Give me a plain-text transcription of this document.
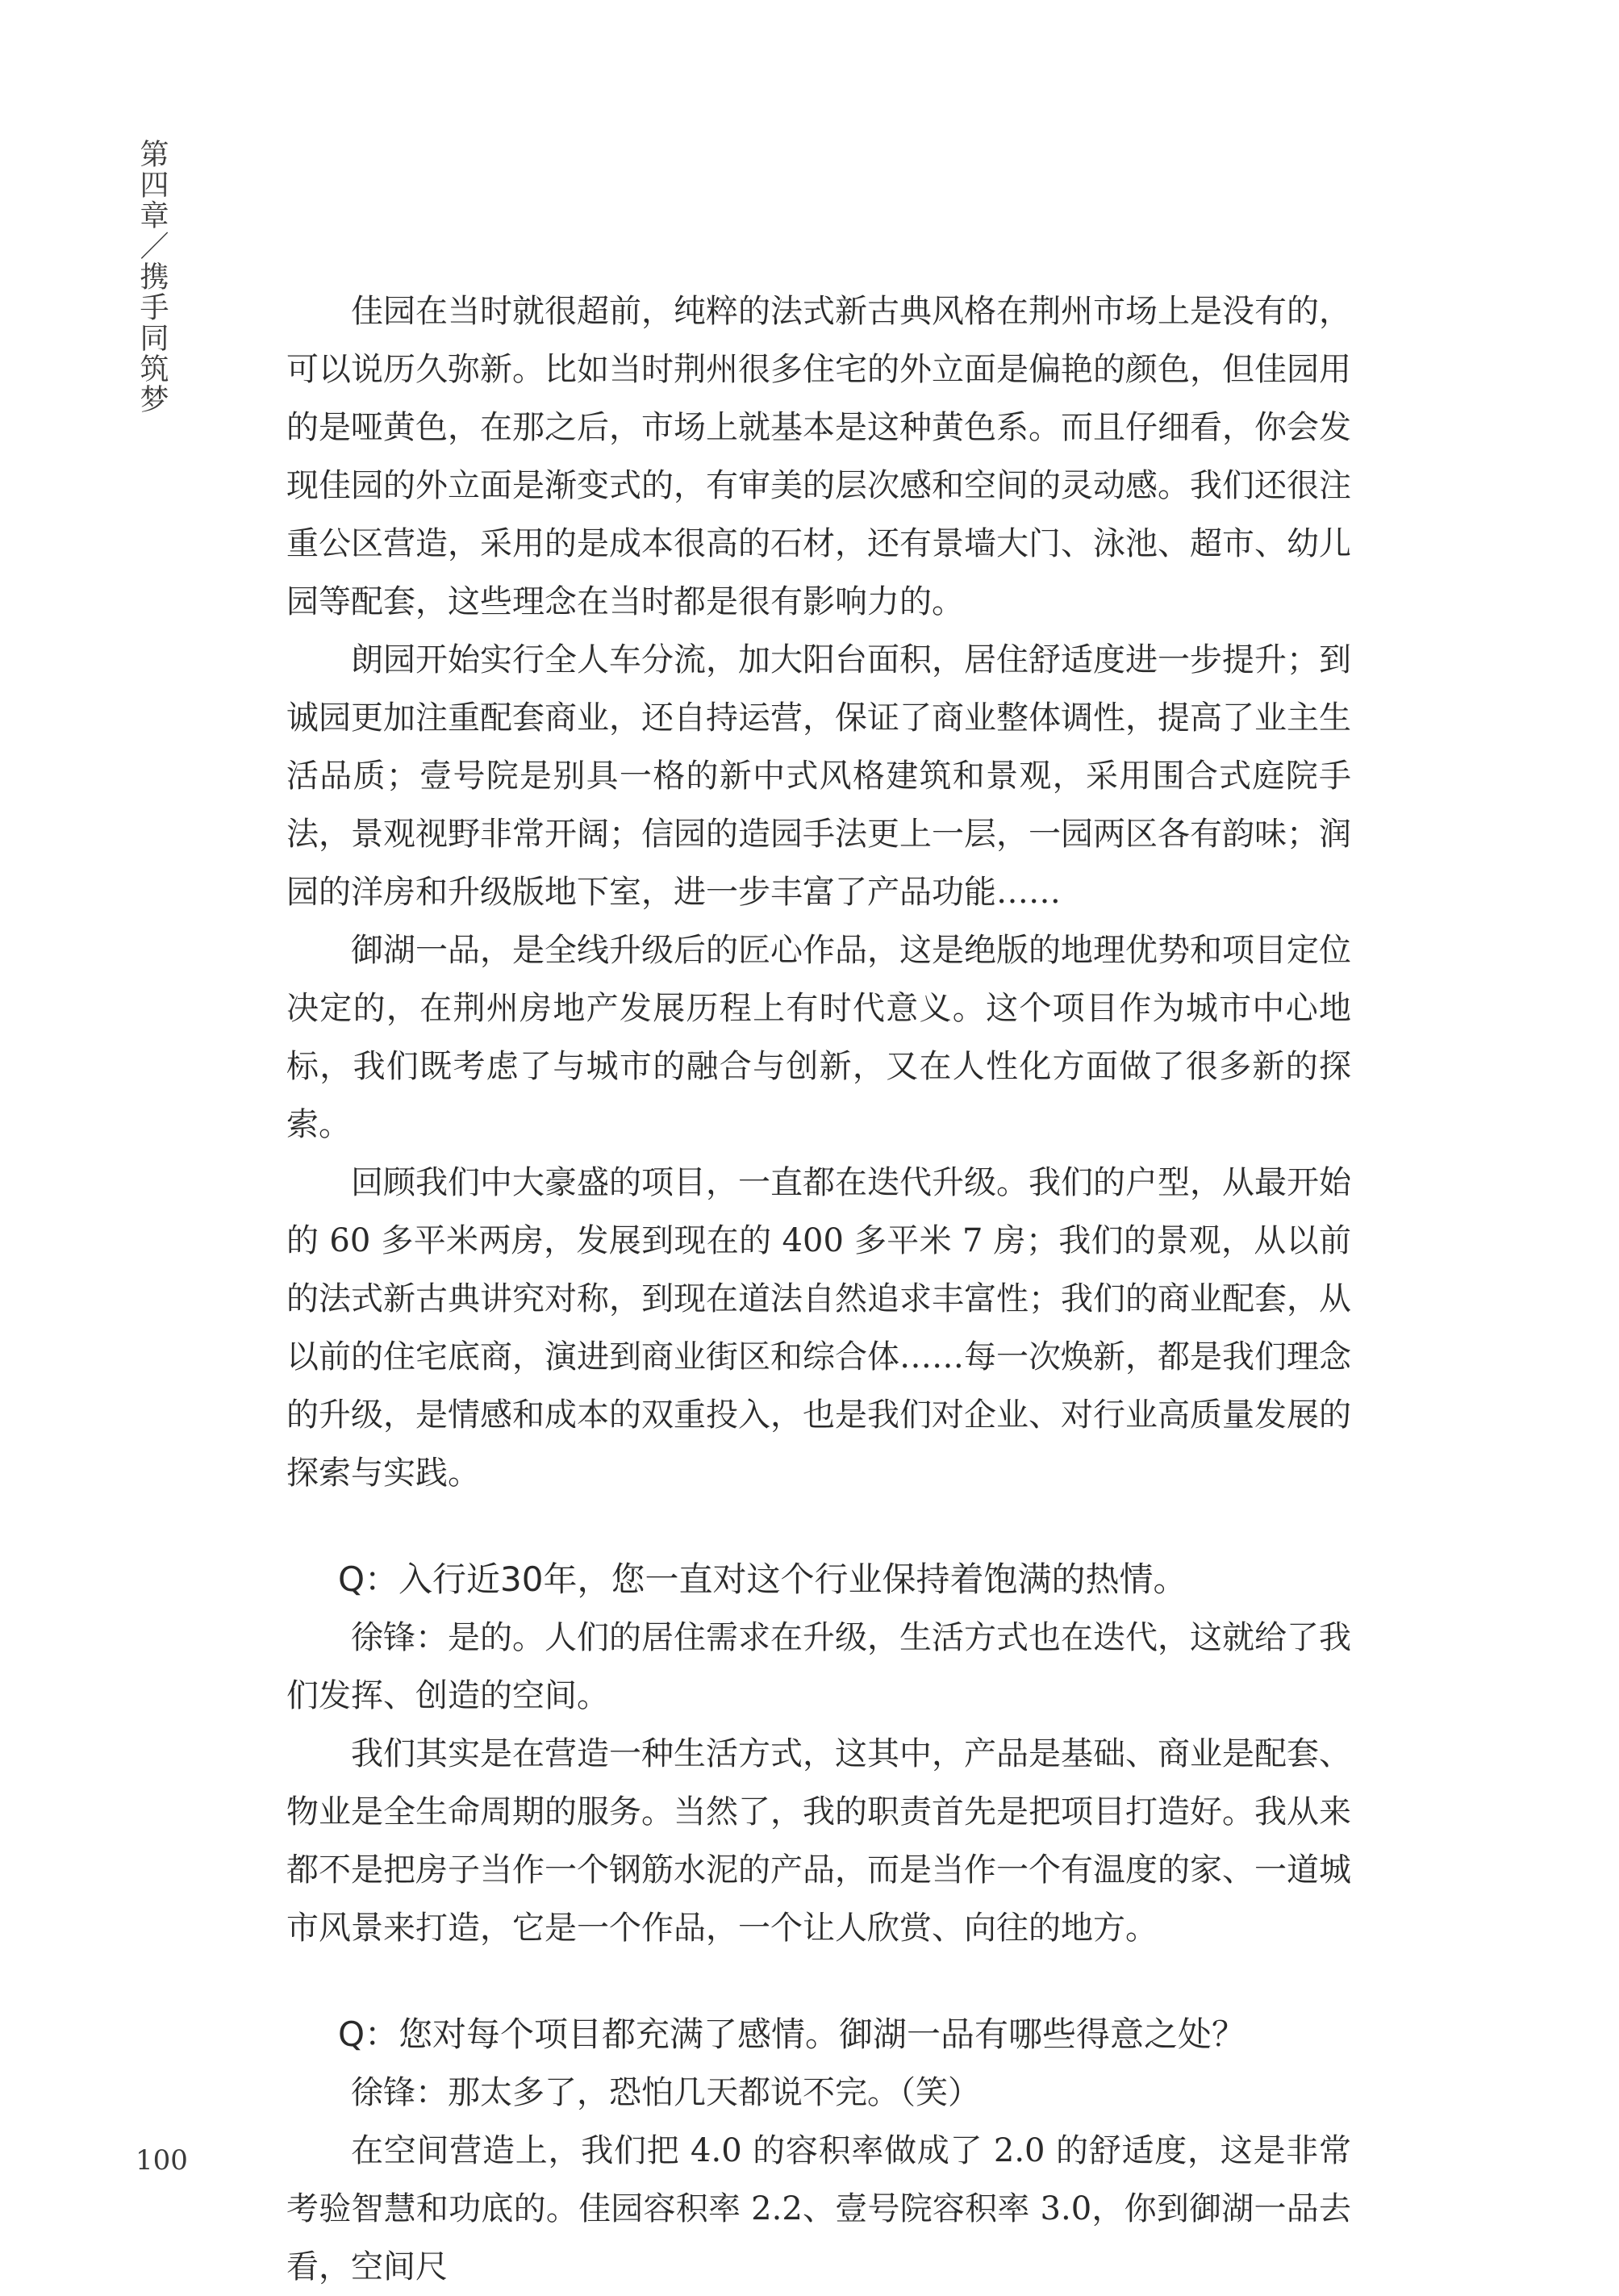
第四章／携手同筑梦	佳园在当时就很超前，纯粹的法式新古典风格在荆州市场上是没有的，可以说历久弥新。比如当时荆州很多住宅的外立面是偏艳的颜色，但佳园用的是哑黄色，在那之后，市场上就基本是这种黄色系。而且仔细看，你会发现佳园的外立面是渐变式的，有审美的层次感和空间的灵动感。我们还很注重公区营造，采用的是成本很高的石材，还有景墙大门、泳池、超市、幼儿园等配套，这些理念在当时都是很有影响力的。

朗园开始实行全人车分流，加大阳台面积，居住舒适度进一步提升；到诚园更加注重配套商业，还自持运营，保证了商业整体调性，提高了业主生活品质；壹号院是别具一格的新中式风格建筑和景观，采用围合式庭院手法，景观视野非常开阔；信园的造园手法更上一层，一园两区各有韵味；润园的洋房和升级版地下室，进一步丰富了产品功能……

御湖一品，是全线升级后的匠心作品，这是绝版的地理优势和项目定位决定的，在荆州房地产发展历程上有时代意义。这个项目作为城市中心地标，我们既考虑了与城市的融合与创新，又在人性化方面做了很多新的探索。

回顾我们中大豪盛的项目，一直都在迭代升级。我们的户型，从最开始的 60 多平米两房，发展到现在的 400 多平米 7 房；我们的景观，从以前的法式新古典讲究对称，到现在道法自然追求丰富性；我们的商业配套，从以前的住宅底商，演进到商业街区和综合体……每一次焕新，都是我们理念的升级，是情感和成本的双重投入，也是我们对企业、对行业高质量发展的探索与实践。

Q：入行近30年，您一直对这个行业保持着饱满的热情。

徐锋：是的。人们的居住需求在升级，生活方式也在迭代，这就给了我们发挥、创造的空间。

我们其实是在营造一种生活方式，这其中，产品是基础、商业是配套、物业是全生命周期的服务。当然了，我的职责首先是把项目打造好。我从来都不是把房子当作一个钢筋水泥的产品，而是当作一个有温度的家、一道城市风景来打造，它是一个作品，一个让人欣赏、向往的地方。

Q：您对每个项目都充满了感情。御湖一品有哪些得意之处？

徐锋：那太多了，恐怕几天都说不完。（笑）

在空间营造上，我们把 4.0 的容积率做成了 2.0 的舒适度，这是非常考验智慧和功底的。佳园容积率 2.2、壹号院容积率 3.0，你到御湖一品去看，空间尺

100
